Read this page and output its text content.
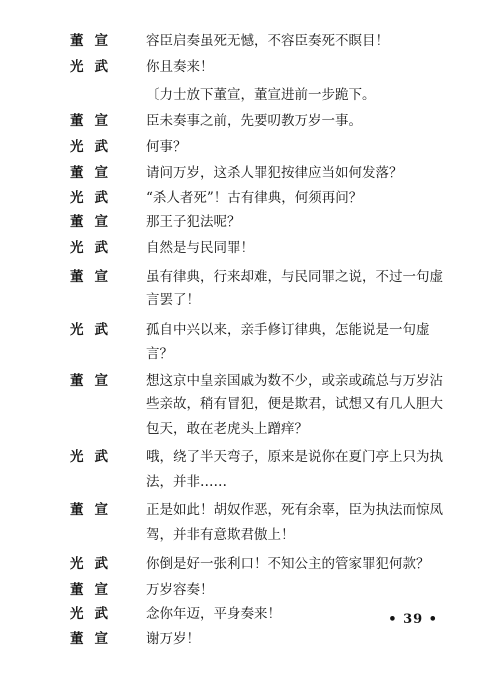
董宣	容臣启奏虽死无憾，不容臣奏死不瞑目！
光武	你且奏来！
〔力士放下董宣，董宣进前一步跪下。
董宣	臣未奏事之前，先要叨教万岁一事。
光武	何事？
董宣	请问万岁，这杀人罪犯按律应当如何发落？
光武	“杀人者死”！古有律典，何须再问？
董宣	那王子犯法呢？
光武	自然是与民同罪！
董宣	虽有律典，行来却难，与民同罪之说，不过一句虚
言罢了！
光武	孤自中兴以来，亲手修订律典，怎能说是一句虚
言？
董宣	想这京中皇亲国戚为数不少，或亲或疏总与万岁沾
些亲故，稍有冒犯，便是欺君，试想又有几人胆大
包天，敢在老虎头上蹭痒？
光武	哦，绕了半天弯子，原来是说你在夏门亭上只为执
法，并非……
董宣	正是如此！胡奴作恶，死有余辜，臣为执法而惊凤
驾，并非有意欺君傲上！
光武	你倒是好一张利口！不知公主的管家罪犯何款？
董宣	万岁容奏！
光武	念你年迈，平身奏来！
董宣	谢万岁！
• 39 •
